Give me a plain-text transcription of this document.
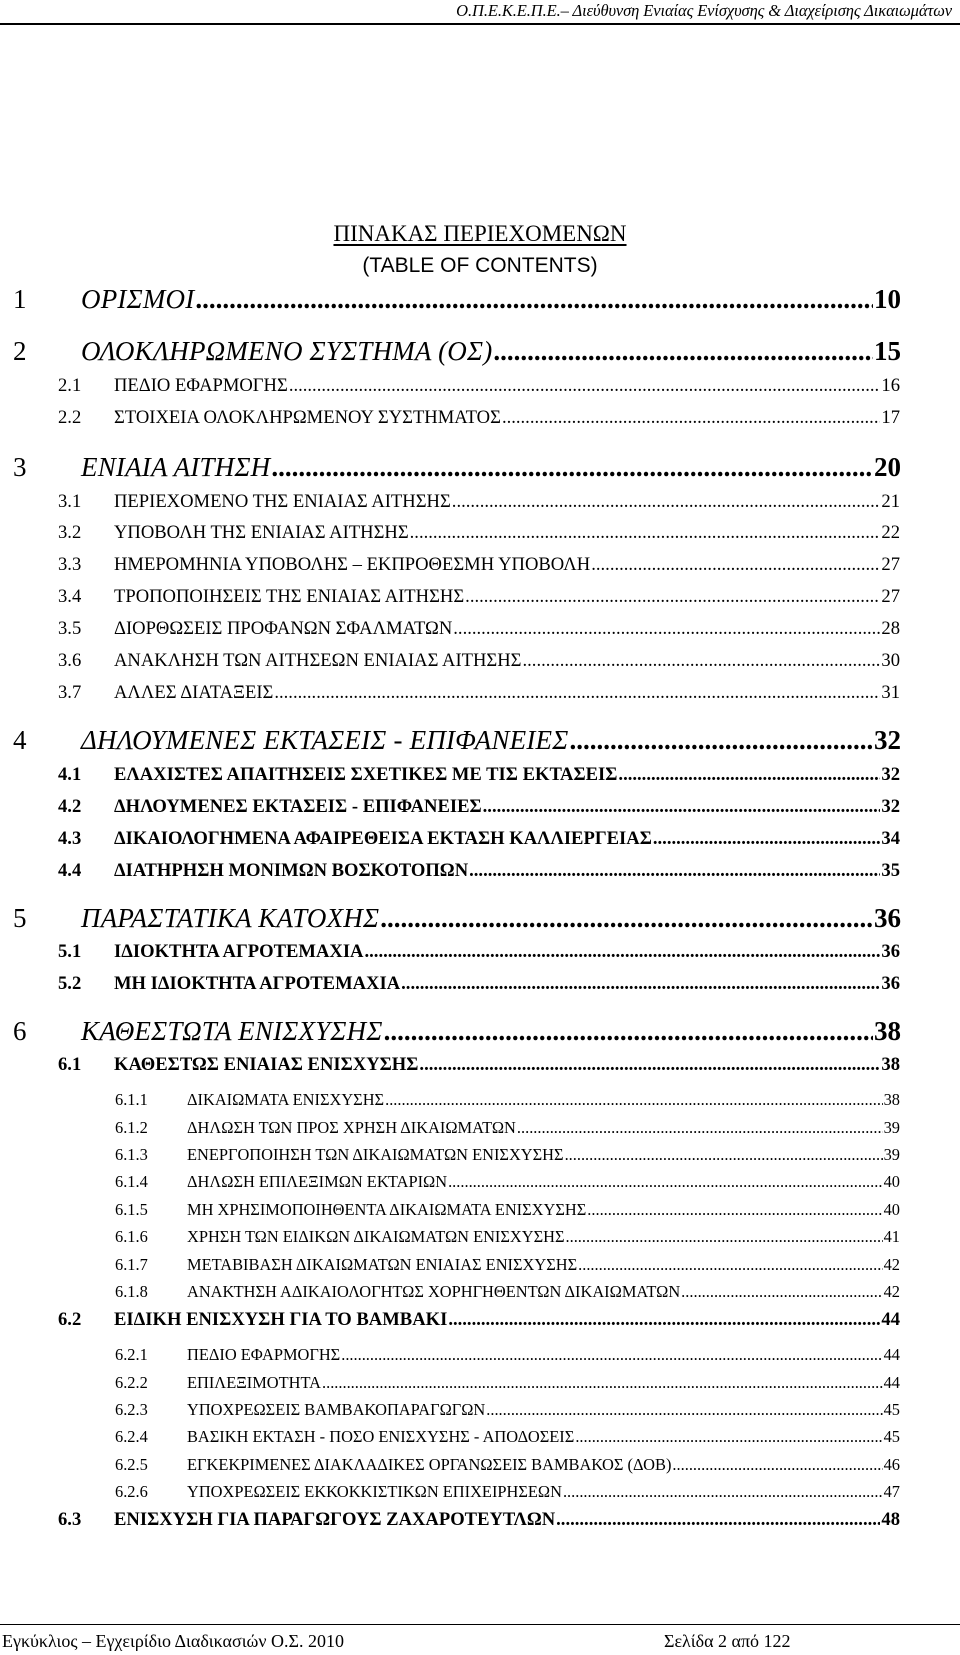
Ο.Π.Ε.Κ.Ε.Π.Ε.– Διεύθυνση Ενιαίας Ενίσχυσης & Διαχείρισης Δικαιωμάτων
ΠΙΝΑΚΑΣ ΠΕΡΙΕΧΟΜΕΝΩΝ
(TABLE OF CONTENTS)
1	ΟΡΙΣΜΟΙ .....	10
2	ΟΛΟΚΛΗΡΩΜΕΝΟ ΣΥΣΤΗΜΑ (ΟΣ) .....	15
2.1	ΠΕΔΙΟ ΕΦΑΡΜΟΓΗΣ .....	16
2.2	ΣΤΟΙΧΕΙΑ ΟΛΟΚΛΗΡΩΜΕΝΟΥ ΣΥΣΤΗΜΑΤΟΣ .....	17
3	ΕΝΙΑΙΑ ΑΙΤΗΣΗ .....	20
3.1	ΠΕΡΙΕΧΟΜΕΝΟ ΤΗΣ ΕΝΙΑΙΑΣ ΑΙΤΗΣΗΣ .....	21
3.2	ΥΠΟΒΟΛΗ ΤΗΣ ΕΝΙΑΙΑΣ ΑΙΤΗΣΗΣ .....	22
3.3	ΗΜΕΡΟΜΗΝΙΑ ΥΠΟΒΟΛΗΣ – ΕΚΠΡΟΘΕΣΜΗ ΥΠΟΒΟΛΗ .....	27
3.4	ΤΡΟΠΟΠΟΙΗΣΕΙΣ ΤΗΣ ΕΝΙΑΙΑΣ ΑΙΤΗΣΗΣ .....	27
3.5	ΔΙΟΡΘΩΣΕΙΣ ΠΡΟΦΑΝΩΝ ΣΦΑΛΜΑΤΩΝ .....	28
3.6	ΑΝΑΚΛΗΣΗ ΤΩΝ ΑΙΤΗΣΕΩΝ ΕΝΙΑΙΑΣ ΑΙΤΗΣΗΣ .....	30
3.7	ΑΛΛΕΣ ΔΙΑΤΑΞΕΙΣ .....	31
4	ΔΗΛΟΥΜΕΝΕΣ ΕΚΤΑΣΕΙΣ - ΕΠΙΦΑΝΕΙΕΣ .....	32
4.1	ΕΛΑΧΙΣΤΕΣ ΑΠΑΙΤΗΣΕΙΣ ΣΧΕΤΙΚΕΣ ΜΕ ΤΙΣ ΕΚΤΑΣΕΙΣ .....	32
4.2	ΔΗΛΟΥΜΕΝΕΣ ΕΚΤΑΣΕΙΣ - ΕΠΙΦΑΝΕΙΕΣ .....	32
4.3	ΔΙΚΑΙΟΛΟΓΗΜΕΝΑ ΑΦΑΙΡΕΘΕΙΣΑ ΕΚΤΑΣΗ ΚΑΛΛΙΕΡΓΕΙΑΣ .....	34
4.4	ΔΙΑΤΗΡΗΣΗ ΜΟΝΙΜΩΝ ΒΟΣΚΟΤΟΠΩΝ .....	35
5	ΠΑΡΑΣΤΑΤΙΚΑ ΚΑΤΟΧΗΣ .....	36
5.1	ΙΔΙΟΚΤΗΤΑ ΑΓΡΟΤΕΜΑΧΙΑ .....	36
5.2	ΜΗ ΙΔΙΟΚΤΗΤΑ ΑΓΡΟΤΕΜΑΧΙΑ .....	36
6	ΚΑΘΕΣΤΩΤΑ ΕΝΙΣΧΥΣΗΣ .....	38
6.1	ΚΑΘΕΣΤΩΣ ΕΝΙΑΙΑΣ ΕΝΙΣΧΥΣΗΣ .....	38
6.1.1	ΔΙΚΑΙΩΜΑΤΑ ΕΝΙΣΧΥΣΗΣ .....	38
6.1.2	ΔΗΛΩΣΗ ΤΩΝ ΠΡΟΣ ΧΡΗΣΗ ΔΙΚΑΙΩΜΑΤΩΝ .....	39
6.1.3	ΕΝΕΡΓΟΠΟΙΗΣΗ ΤΩΝ ΔΙΚΑΙΩΜΑΤΩΝ ΕΝΙΣΧΥΣΗΣ .....	39
6.1.4	ΔΗΛΩΣΗ ΕΠΙΛΕΞΙΜΩΝ ΕΚΤΑΡΙΩΝ .....	40
6.1.5	ΜΗ ΧΡΗΣΙΜΟΠΟΙΗΘΕΝΤΑ ΔΙΚΑΙΩΜΑΤΑ ΕΝΙΣΧΥΣΗΣ .....	40
6.1.6	ΧΡΗΣΗ ΤΩΝ ΕΙΔΙΚΩΝ ΔΙΚΑΙΩΜΑΤΩΝ ΕΝΙΣΧΥΣΗΣ .....	41
6.1.7	ΜΕΤΑΒΙΒΑΣΗ ΔΙΚΑΙΩΜΑΤΩΝ ΕΝΙΑΙΑΣ ΕΝΙΣΧΥΣΗΣ .....	42
6.1.8	ΑΝΑΚΤΗΣΗ ΑΔΙΚΑΙΟΛΟΓΗΤΩΣ ΧΟΡΗΓΗΘΕΝΤΩΝ ΔΙΚΑΙΩΜΑΤΩΝ .....	42
6.2	ΕΙΔΙΚΗ ΕΝΙΣΧΥΣΗ ΓΙΑ ΤΟ ΒΑΜΒΑΚΙ .....	44
6.2.1	ΠΕΔΙΟ ΕΦΑΡΜΟΓΗΣ .....	44
6.2.2	ΕΠΙΛΕΞΙΜΟΤΗΤΑ .....	44
6.2.3	ΥΠΟΧΡΕΩΣΕΙΣ ΒΑΜΒΑΚΟΠΑΡΑΓΩΓΩΝ .....	45
6.2.4	ΒΑΣΙΚΗ ΕΚΤΑΣΗ - ΠΟΣΟ ΕΝΙΣΧΥΣΗΣ - ΑΠΟΔΟΣΕΙΣ .....	45
6.2.5	ΕΓΚΕΚΡΙΜΕΝΕΣ ΔΙΑΚΛΑΔΙΚΕΣ ΟΡΓΑΝΩΣΕΙΣ ΒΑΜΒΑΚΟΣ (ΔΟΒ) .....	46
6.2.6	ΥΠΟΧΡΕΩΣΕΙΣ ΕΚΚΟΚΚΙΣΤΙΚΩΝ ΕΠΙΧΕΙΡΗΣΕΩΝ .....	47
6.3	ΕΝΙΣΧΥΣΗ ΓΙΑ ΠΑΡΑΓΩΓΟΥΣ ΖΑΧΑΡΟΤΕΥΤΛΩΝ .....	48
Εγκύκλιος – Εγχειρίδιο Διαδικασιών Ο.Σ. 2010	Σελίδα 2 από 122
